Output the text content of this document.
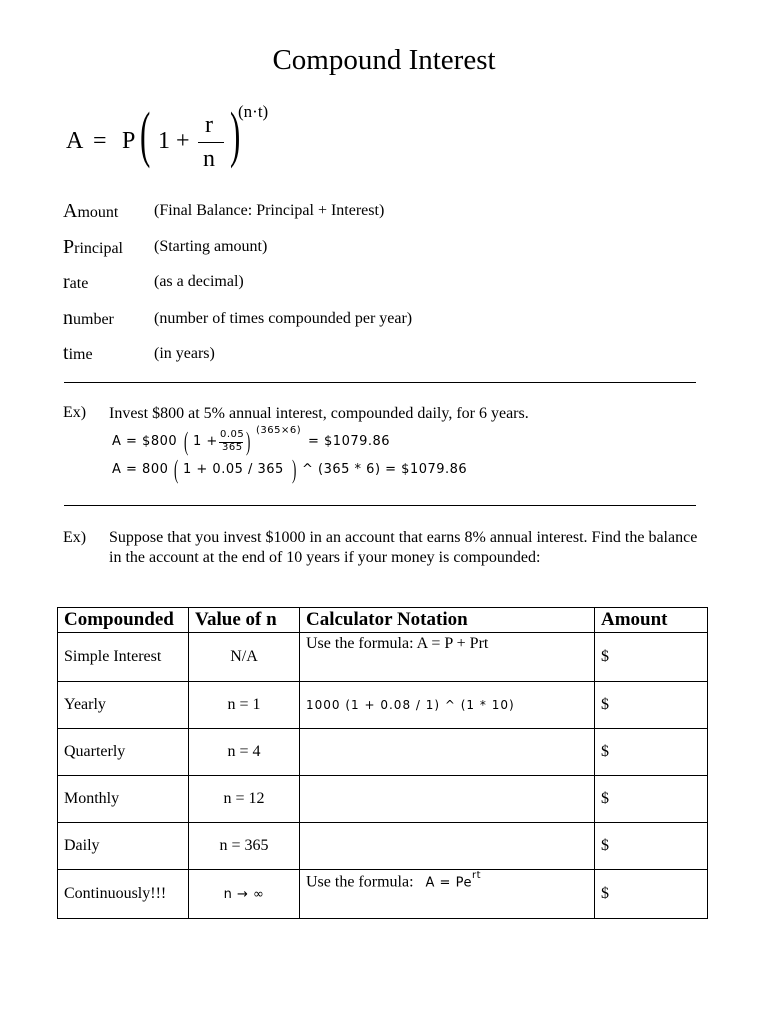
Compound Interest
A = P ( 1 +
r
n )
(n·t)
Amount (Final Balance: Principal + Interest)
Principal (Starting amount)
rate	(as a decimal)
number	(number of times compounded per year)
time	(in years)
Ex) Invest $800 at 5% annual interest, compounded daily, for 6 years.
A = $800 ( 1 + 0.05
365 ) (365×6)
= $1079.86
A = 800 ( 1 + 0.05 / 365 ) ^ (365 * 6) = $1079.86
Ex) Suppose that you invest $1000 in an account that earns 8% annual interest. Find the balance in the account at the end of 10 years if your money is compounded:
Compounded	Value of n	Calculator Notation	Amount
Simple Interest	N/A	Use the formula: A = P + Prt	$
Yearly	n = 1	1000 (1 + 0.08 / 1) ^ (1 * 10)	$
Quarterly	n = 4		$
Monthly	n = 12		$
Daily	n = 365		$
Continuously!!!	n → ∞	Use the formula: $A = Pe^{rt}$	$
